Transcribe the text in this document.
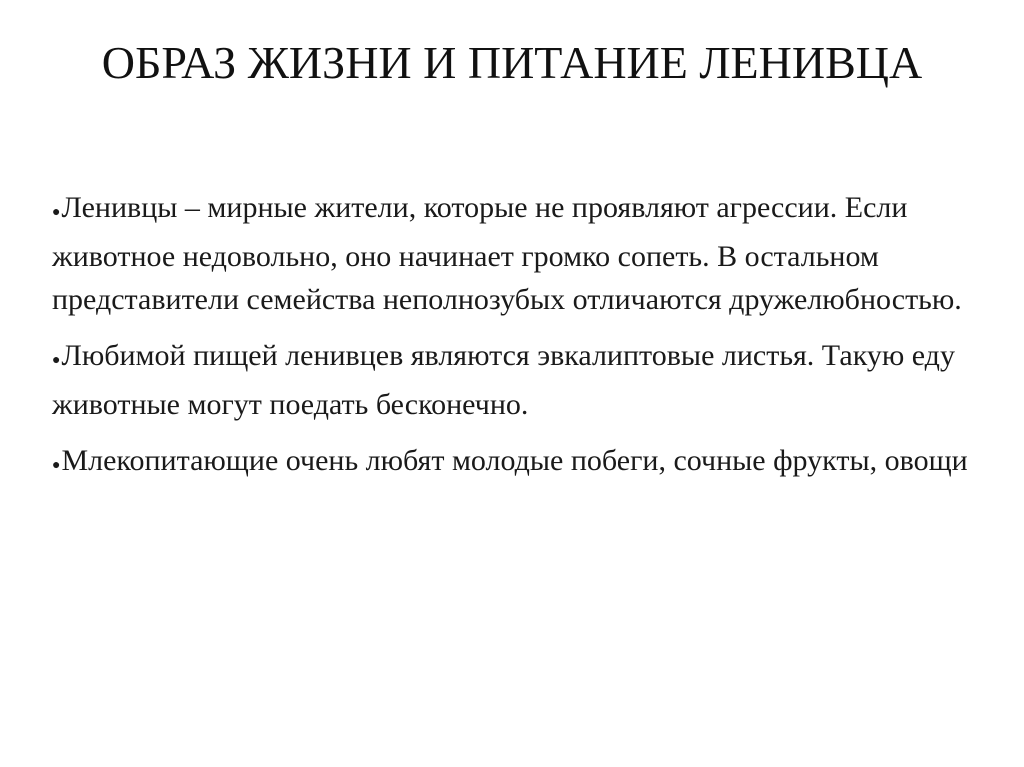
ОБРАЗ ЖИЗНИ И ПИТАНИЕ ЛЕНИВЦА

●Ленивцы – мирные жители, которые не проявляют агрессии. Если животное недовольно, оно начинает громко сопеть. В остальном представители семейства неполнозубых отличаются дружелюбностью.

●Любимой пищей ленивцев являются эвкалиптовые листья. Такую еду животные могут поедать бесконечно.

●Млекопитающие очень любят молодые побеги, сочные фрукты, овощи
